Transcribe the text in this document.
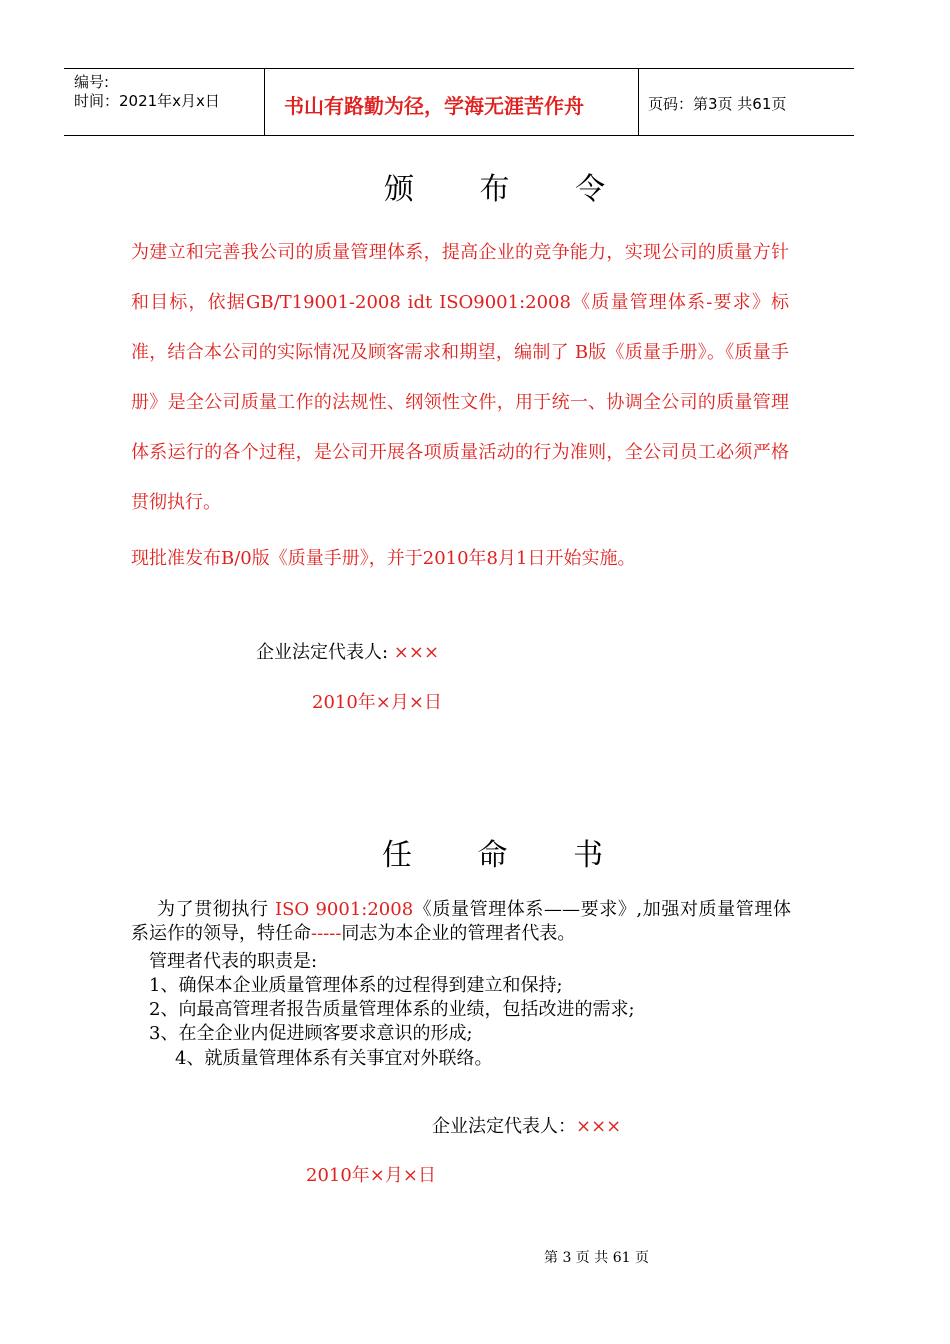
编号:
时间：2021年x月x日	书山有路勤为径，学海无涯苦作舟	页码：第3页 共61页
颁 布 令
为建立和完善我公司的质量管理体系，提高企业的竞争能力，实现公司的质量方针和目标，依据GB/T19001-2008 idt ISO9001:2008《质量管理体系-要求》标准，结合本公司的实际情况及顾客需求和期望，编制了 B版《质量手册》。《质量手册》是全公司质量工作的法规性、纲领性文件，用于统一、协调全公司的质量管理体系运行的各个过程，是公司开展各项质量活动的行为准则，全公司员工必须严格贯彻执行。
现批准发布B/0版《质量手册》，并于2010年8月1日开始实施。
企业法定代表人: ×××
2010年×月×日
任 命 书
为了贯彻执行 ISO 9001:2008《质量管理体系——要求》,加强对质量管理体系运作的领导，特任命-----同志为本企业的管理者代表。
管理者代表的职责是:
1、确保本企业质量管理体系的过程得到建立和保持;
2、向最高管理者报告质量管理体系的业绩，包括改进的需求;
3、在全企业内促进顾客要求意识的形成;
4、就质量管理体系有关事宜对外联络。
企业法定代表人：×××
2010年×月×日
第 3 页 共 61 页
